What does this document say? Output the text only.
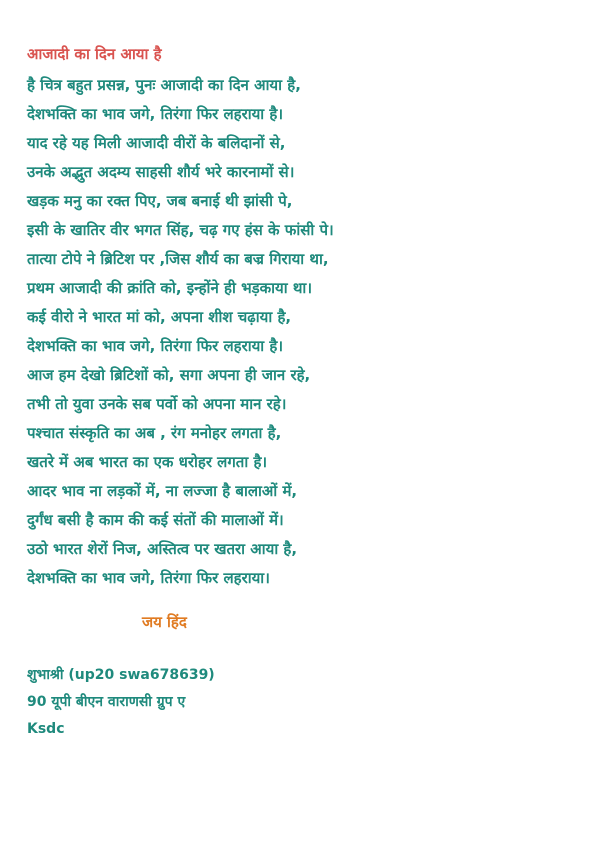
आजादी का दिन आया है
है चित्र बहुत प्रसन्न, पुनः आजादी का दिन आया है,
देशभक्ति का भाव जगे, तिरंगा फिर लहराया है।
याद रहे यह मिली आजादी वीरों के बलिदानों से,
उनके अद्भुत अदम्य साहसी शौर्य भरे कारनामों से।
खड़क मनु का रक्त पिए, जब बनाई थी झांसी पे,
इसी के खातिर वीर भगत सिंह, चढ़ गए हंस के फांसी पे।
तात्या टोपे ने ब्रिटिश पर ,जिस शौर्य का बज्र गिराया था,
प्रथम आजादी की क्रांति को, इन्होंने ही भड़काया था।
कई वीरो ने भारत मां को, अपना शीश चढ़ाया है,
देशभक्ति का भाव जगे, तिरंगा फिर लहराया है।
आज हम देखो ब्रिटिशों को, सगा अपना ही जान रहे,
तभी तो युवा उनके सब पर्वो को अपना मान रहे।
पश्चात संस्कृति का अब , रंग मनोहर लगता है,
खतरे में अब भारत का एक धरोहर लगता है।
आदर भाव ना लड़कों में, ना लज्जा है बालाओं में,
दुर्गंध बसी है काम की कई संतों की मालाओं में।
उठो भारत शेरों निज, अस्तित्व पर खतरा आया है,
देशभक्ति का भाव जगे, तिरंगा फिर लहराया।
जय हिंद
शुभाश्री (up20 swa678639)
90 यूपी बीएन वाराणसी ग्रुप ए
Ksdc
